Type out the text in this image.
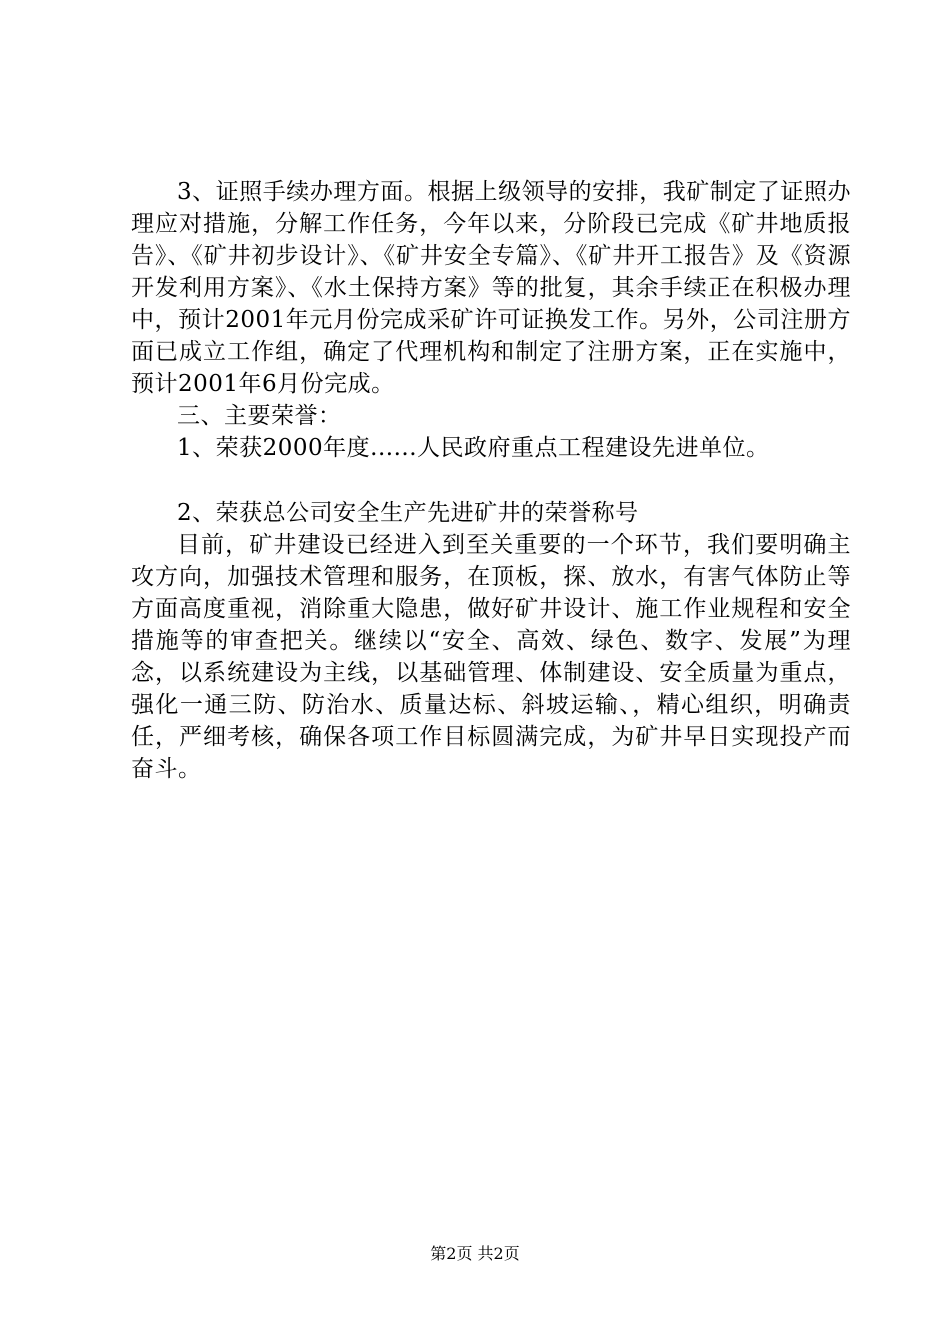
3、证照手续办理方面。根据上级领导的安排，我矿制定了证照办理应对措施，分解工作任务，今年以来，分阶段已完成《矿井地质报告》、《矿井初步设计》、《矿井安全专篇》、《矿井开工报告》及《资源开发利用方案》、《水土保持方案》等的批复，其余手续正在积极办理中，预计2001年元月份完成采矿许可证换发工作。另外，公司注册方面已成立工作组，确定了代理机构和制定了注册方案，正在实施中，预计2001年6月份完成。

三、主要荣誉：

1、荣获2000年度......人民政府重点工程建设先进单位。

2、荣获总公司安全生产先进矿井的荣誉称号

目前，矿井建设已经进入到至关重要的一个环节，我们要明确主攻方向，加强技术管理和服务，在顶板，探、放水，有害气体防止等方面高度重视，消除重大隐患，做好矿井设计、施工作业规程和安全措施等的审查把关。继续以“安全、高效、绿色、数字、发展”为理念，以系统建设为主线，以基础管理、体制建设、安全质量为重点，强化一通三防、防治水、质量达标、斜坡运输、，精心组织，明确责任，严细考核，确保各项工作目标圆满完成，为矿井早日实现投产而奋斗。

第2页 共2页
